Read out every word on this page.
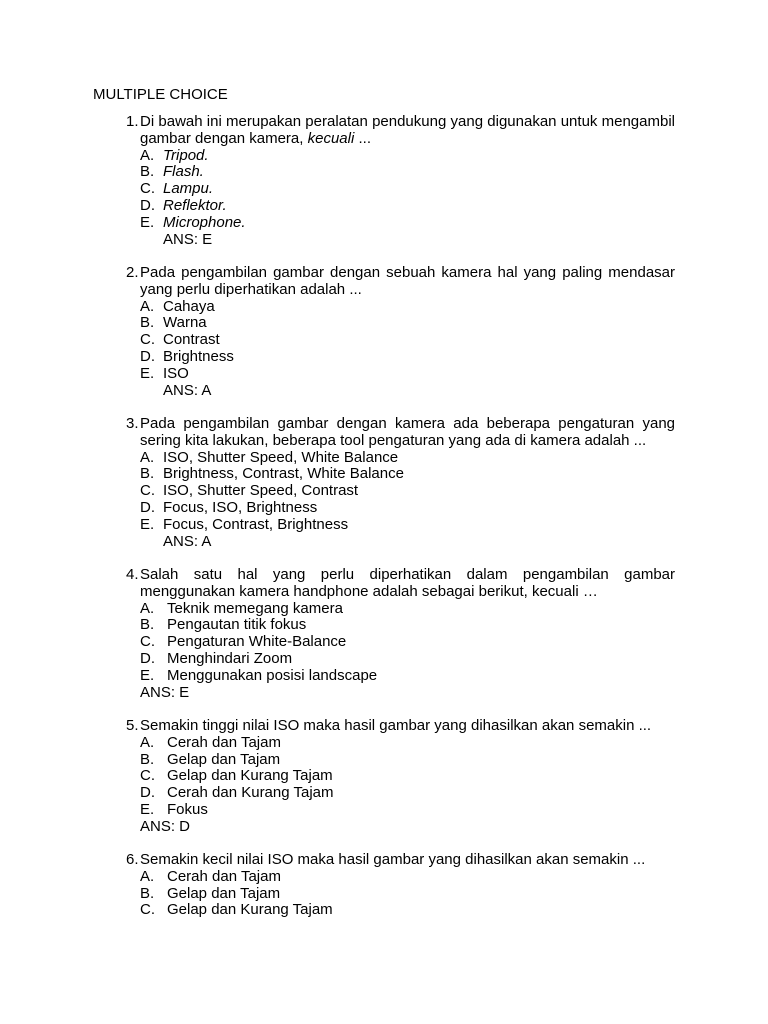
MULTIPLE CHOICE
1. Di bawah ini merupakan peralatan pendukung yang digunakan untuk mengambil gambar dengan kamera, kecuali ...
A. Tripod.
B. Flash.
C. Lampu.
D. Reflektor.
E. Microphone.
ANS: E
2. Pada pengambilan gambar dengan sebuah kamera hal yang paling mendasar yang perlu diperhatikan adalah ...
A. Cahaya
B. Warna
C. Contrast
D. Brightness
E. ISO
ANS: A
3. Pada pengambilan gambar dengan kamera ada beberapa pengaturan yang sering kita lakukan, beberapa tool pengaturan yang ada di kamera adalah ...
A. ISO, Shutter Speed, White Balance
B. Brightness, Contrast, White Balance
C. ISO, Shutter Speed, Contrast
D. Focus, ISO, Brightness
E. Focus, Contrast, Brightness
ANS: A
4. Salah satu hal yang perlu diperhatikan dalam pengambilan gambar menggunakan kamera handphone adalah sebagai berikut, kecuali …
A. Teknik memegang kamera
B. Pengautan titik fokus
C. Pengaturan White-Balance
D. Menghindari Zoom
E. Menggunakan posisi landscape
ANS: E
5. Semakin tinggi nilai ISO maka hasil gambar yang dihasilkan akan semakin ...
A. Cerah dan Tajam
B. Gelap dan Tajam
C. Gelap dan Kurang Tajam
D. Cerah dan Kurang Tajam
E. Fokus
ANS: D
6. Semakin kecil nilai ISO maka hasil gambar yang dihasilkan akan semakin ...
A. Cerah dan Tajam
B. Gelap dan Tajam
C. Gelap dan Kurang Tajam
